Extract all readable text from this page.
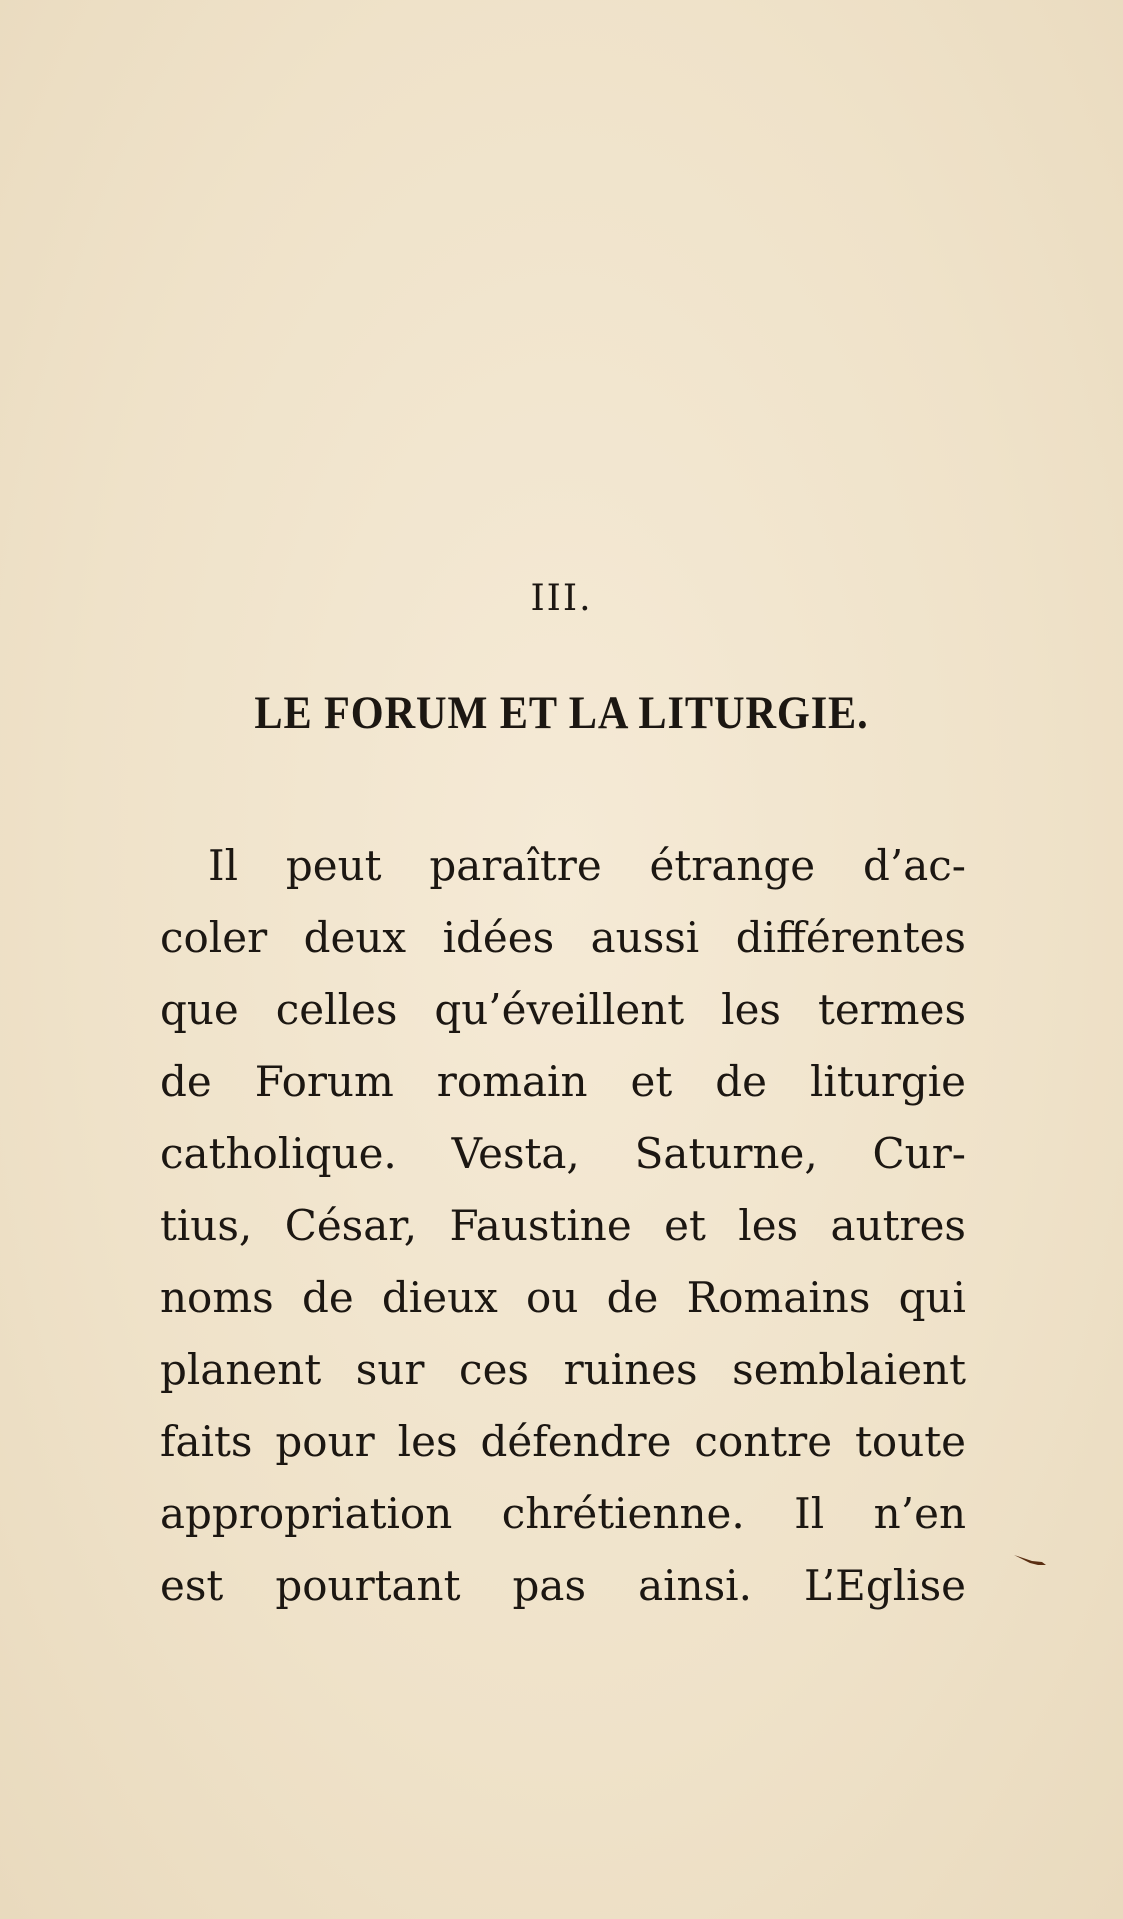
III.
LE FORUM ET LA LITURGIE.
Il peut paraître étrange d’ac-
coler deux idées aussi différentes
que celles qu’éveillent les termes
de Forum romain et de liturgie
catholique. Vesta, Saturne, Cur-
tius, César, Faustine et les autres
noms de dieux ou de Romains qui
planent sur ces ruines semblaient
faits pour les défendre contre toute
appropriation chrétienne. Il n’en
est pourtant pas ainsi. L’Eglise
